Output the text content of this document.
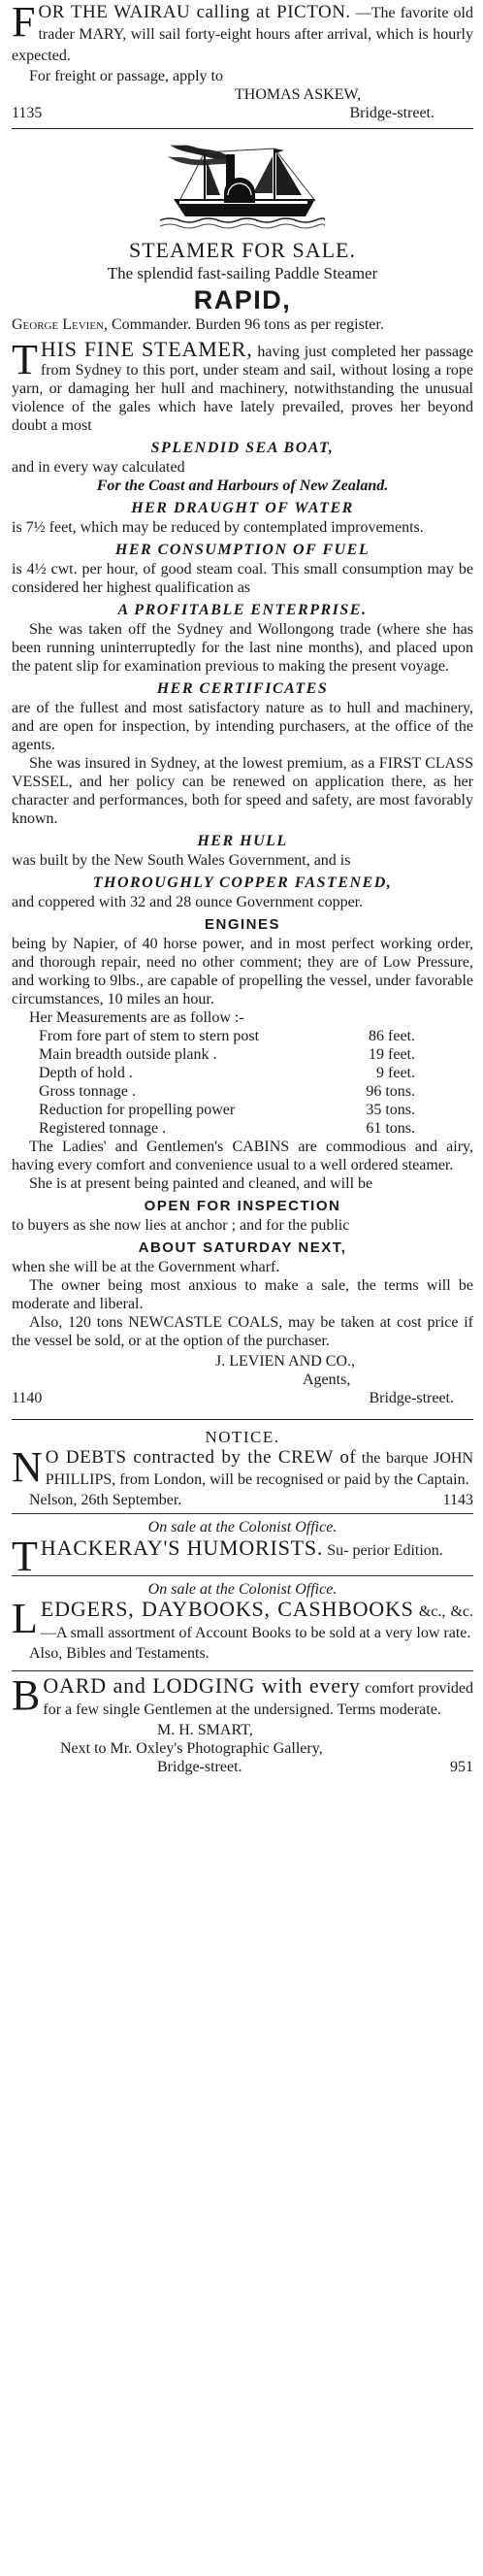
F OR THE WAIRAU calling at PICTON. —The favorite old trader MARY, will sail forty-eight hours after arrival, which is hourly expected.

For freight or passage, apply to

THOMAS ASKEW,

1135	Bridge-street.

STEAMER FOR SALE.

The splendid fast-sailing Paddle Steamer

RAPID,

George Levien, Commander. Burden 96 tons as per register.

T HIS FINE STEAMER, having just completed her passage from Sydney to this port, under steam and sail, without losing a rope yarn, or damaging her hull and machinery, notwithstanding the unusual violence of the gales which have lately prevailed, proves her beyond doubt a most

SPLENDID SEA BOAT,

and in every way calculated

For the Coast and Harbours of New Zealand.

HER DRAUGHT OF WATER

is 7½ feet, which may be reduced by contemplated improvements.

HER CONSUMPTION OF FUEL

is 4½ cwt. per hour, of good steam coal. This small consumption may be considered her highest qualification as

A PROFITABLE ENTERPRISE.

She was taken off the Sydney and Wollongong trade (where she has been running uninterruptedly for the last nine months), and placed upon the patent slip for examination previous to making the present voyage.

HER CERTIFICATES

are of the fullest and most satisfactory nature as to hull and machinery, and are open for inspection, by intending purchasers, at the office of the agents.

She was insured in Sydney, at the lowest premium, as a FIRST CLASS VESSEL, and her policy can be renewed on application there, as her character and performances, both for speed and safety, are most favorably known.

HER HULL

was built by the New South Wales Government, and is

THOROUGHLY COPPER FASTENED,

and coppered with 32 and 28 ounce Government copper.

ENGINES

being by Napier, of 40 horse power, and in most perfect working order, and thorough repair, need no other comment; they are of Low Pressure, and working to 9lbs., are capable of propelling the vessel, under favorable circumstances, 10 miles an hour.

Her Measurements are as follow :-

From fore part of stem to stern post	86 feet.
Main breadth outside plank .	19 feet.
Depth of hold .	9 feet.
Gross tonnage .	96 tons.
Reduction for propelling power	35 tons.
Registered tonnage .	61 tons.

The Ladies' and Gentlemen's CABINS are commodious and airy, having every comfort and convenience usual to a well ordered steamer.

She is at present being painted and cleaned, and will be

OPEN FOR INSPECTION

to buyers as she now lies at anchor ; and for the public

ABOUT SATURDAY NEXT,

when she will be at the Government wharf.

The owner being most anxious to make a sale, the terms will be moderate and liberal.

Also, 120 tons NEWCASTLE COALS, may be taken at cost price if the vessel be sold, or at the option of the purchaser.

J. LEVIEN AND CO.,

Agents,

1140	Bridge-street.

NOTICE.

N O DEBTS contracted by the CREW of the barque JOHN PHILLIPS, from London, will be recognised or paid by the Captain.

Nelson, 26th September.	1143

On sale at the Colonist Office.

T HACKERAY'S HUMORISTS. Su- perior Edition.

On sale at the Colonist Office.

L EDGERS, DAYBOOKS, CASHBOOKS &c., &c.—A small assortment of Account Books to be sold at a very low rate.

Also, Bibles and Testaments.

B OARD and LODGING with every comfort provided for a few single Gentlemen at the undersigned. Terms moderate.

M. H. SMART,

Next to Mr. Oxley's Photographic Gallery,

Bridge-street.	951
